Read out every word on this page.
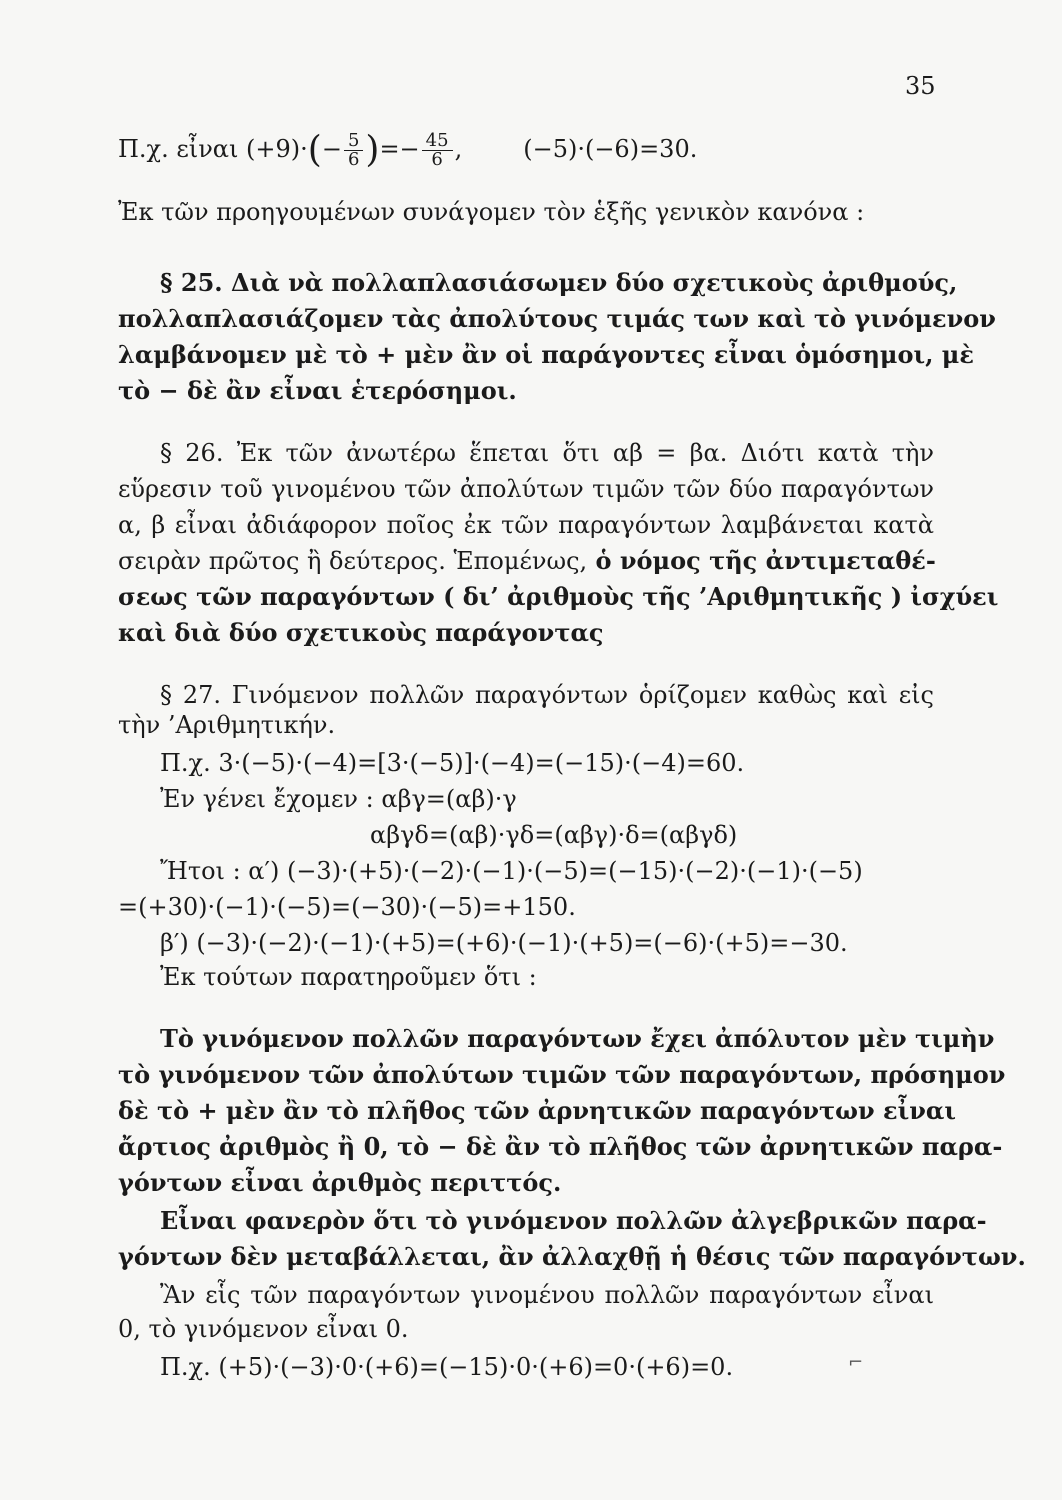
35
Π.χ. εἶναι $(+9)\cdot(- \frac{5}{6}$ )=− $\frac{45}{6}$ ,        (−5)·(−6)=30.
Ἐκ τῶν προηγουμένων συνάγομεν τὸν ἑξῆς γενικὸν κανόνα :
§ 25. Διὰ νὰ πολλαπλασιάσωμεν δύο σχετικοὺς ἀριθμούς,
πολλαπλασιάζομεν τὰς ἀπολύτους τιμάς των καὶ τὸ γινόμενον
λαμβάνομεν μὲ τὸ + μὲν ἂν οἱ παράγοντες εἶναι ὁμόσημοι, μὲ
τὸ − δὲ ἂν εἶναι ἑτερόσημοι.
§ 26. Ἐκ τῶν ἀνωτέρω ἕπεται ὅτι αβ = βα. Διότι κατὰ τὴν
εὕρεσιν τοῦ γινομένου τῶν ἀπολύτων τιμῶν τῶν δύο παραγόντων
α, β εἶναι ἀδιάφορον ποῖος ἐκ τῶν παραγόντων λαμβάνεται κατὰ
σειρὰν πρῶτος ἢ δεύτερος. Ἑπομένως, ὁ νόμος τῆς ἀντιμεταθέ-
σεως τῶν παραγόντων ( δι’ ἀριθμοὺς τῆς ’Αριθμητικῆς ) ἰσχύει
καὶ διὰ δύο σχετικοὺς παράγοντας
§ 27. Γινόμενον πολλῶν παραγόντων ὁρίζομεν καθὼς καὶ εἰς
τὴν ’Αριθμητικήν.
Π.χ. 3·(−5)·(−4)=[3·(−5)]·(−4)=(−15)·(−4)=60.
Ἐν γένει ἔχομεν : αβγ=(αβ)·γ
αβγδ=(αβ)·γδ=(αβγ)·δ=(αβγδ)
Ἤτοι : α′) (−3)·(+5)·(−2)·(−1)·(−5)=(−15)·(−2)·(−1)·(−5)
=(+30)·(−1)·(−5)=(−30)·(−5)=+150.
β′) (−3)·(−2)·(−1)·(+5)=(+6)·(−1)·(+5)=(−6)·(+5)=−30.
Ἐκ τούτων παρατηροῦμεν ὅτι :
Τὸ γινόμενον πολλῶν παραγόντων ἔχει ἀπόλυτον μὲν τιμὴν
τὸ γινόμενον τῶν ἀπολύτων τιμῶν τῶν παραγόντων, πρόσημον
δὲ τὸ + μὲν ἂν τὸ πλῆθος τῶν ἀρνητικῶν παραγόντων εἶναι
ἄρτιος ἀριθμὸς ἢ 0, τὸ − δὲ ἂν τὸ πλῆθος τῶν ἀρνητικῶν παρα-
γόντων εἶναι ἀριθμὸς περιττός.
Εἶναι φανερὸν ὅτι τὸ γινόμενον πολλῶν ἀλγεβρικῶν παρα-
γόντων δὲν μεταβάλλεται, ἂν ἀλλαχθῇ ἡ θέσις τῶν παραγόντων.
Ἂν εἷς τῶν παραγόντων γινομένου πολλῶν παραγόντων εἶναι
0, τὸ γινόμενον εἶναι 0.
Π.χ. (+5)·(−3)·0·(+6)=(−15)·0·(+6)=0·(+6)=0.	⌐
